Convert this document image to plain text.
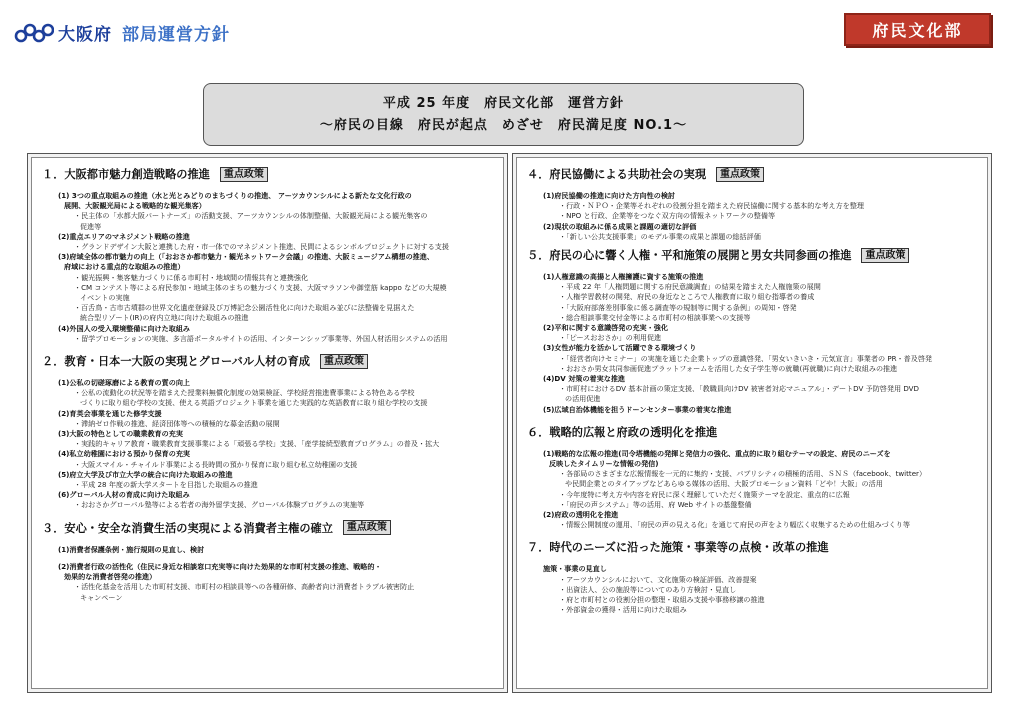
大阪府 部局運営方針	府民文化部
平成 25 年度　府民文化部　運営方針
～府民の目線　府民が起点　めざせ　府民満足度 NO.1～
１．大阪都市魅力創造戦略の推進	重点政策
(1) 3つの重点取組みの推進（水と光とみどりのまちづくりの推進、 アーツカウンシルによる新たな文化行政の
展開、大阪観光局による戦略的な観光集客）
・民主体の「水都大阪パートナーズ」の活動支援、アーツカウンシルの体制整備、大阪観光局による観光集客の
促進等
(2)重点エリアのマネジメント戦略の推進
・グランドデザイン大阪と連携した府・市一体でのマネジメント推進、民間によるシンボルプロジェクトに対する支援
(3)府域全体の都市魅力の向上（「おおさか都市魅力・観光ネットワーク会議」の推進、大阪ミュージアム構想の推進、
府域における重点的な取組みの推進）
・観光振興・集客魅力づくりに係る市町村・地域間の情報共有と連携強化
・CM コンテスト等による府民参加・地域主体のまちの魅力づくり支援、大阪マラソンや御堂筋 kappo などの大規模
イベントの実施
・百舌鳥・古市古墳群の世界文化遺産登録及び万博記念公園活性化に向けた取組み並びに法整備を見据えた
統合型リゾート(IR)の府内立地に向けた取組みの推進
(4)外国人の受入環境整備に向けた取組み
・留学プロモーションの実施、多言語ポータルサイトの活用、インターンシップ事業等、外国人材活用システムの活用
２．教育・日本一大阪の実現とグローバル人材の育成	重点政策
(1)公私の切磋琢磨による教育の質の向上
・公私の流動化の状況等を踏まえた授業料無償化制度の効果検証、学校経営推進費事業による特色ある学校
づくりに取り組む学校の支援、使える英語プロジェクト事業を通じた実践的な英語教育に取り組む学校の支援
(2)育英会事業を通じた修学支援
・滞納ゼロ作戦の推進、経済団体等への積極的な募金活動の展開
(3)大阪の特色としての職業教育の充実
・実践的キャリア教育・職業教育支援事業による「頑張る学校」支援、「産学接続型教育プログラム」の普及・拡大
(4)私立幼稚園における預かり保育の充実
・大阪スマイル・チャイルド事業による長時間の預かり保育に取り組む私立幼稚園の支援
(5)府立大学及び市立大学の統合に向けた取組みの推進
・平成 28 年度の新大学スタートを目指した取組みの推進
(6)グローバル人材の育成に向けた取組み
・おおさかグローバル塾等による若者の海外留学支援、グローバル体験プログラムの実施等
３．安心・安全な消費生活の実現による消費者主権の確立	重点政策
(1)消費者保護条例・施行規則の見直し、検討
(2)消費者行政の活性化（住民に身近な相談窓口充実等に向けた効果的な市町村支援の推進、戦略的・
効果的な消費者啓発の推進）
・活性化基金を活用した市町村支援、市町村の相談員等への各種研修、高齢者向け消費者トラブル被害防止
キャンペーン
４．府民協働による共助社会の実現	重点政策
(1)府民協働の推進に向けた方向性の検討
・行政・ＮＰＯ・企業等それぞれの役割分担を踏まえた府民協働に関する基本的な考え方を整理
・NPO と行政、企業等をつなぐ双方向の情報ネットワークの整備等
(2)現状の取組みに係る成果と課題の適切な評価
・「新しい公共支援事業」のモデル事業の成果と課題の総括評価
５．府民の心に響く人権・平和施策の展開と男女共同参画の推進	重点政策
(1)人権意識の高揚と人権擁護に資する施策の推進
・平成 22 年「人権問題に関する府民意識調査」の結果を踏まえた人権施策の展開
・人権学習教材の開発、府民の身近なところで人権教育に取り組む指導者の養成
・「大阪府部落差別事象に係る調査等の規制等に関する条例」の周知・啓発
・総合相談事業交付金等による市町村の相談事業への支援等
(2)平和に関する意識啓発の充実・強化
・「ピースおおさか」の利用促進
(3)女性が能力を活かして活躍できる環境づくり
・「経営者向けセミナー」の実施を通じた企業トップの意識啓発、「男女いきいき・元気宣言」事業者の PR・普及啓発
・おおさか男女共同参画促進プラットフォームを活用した女子学生等の就職(再就職)に向けた取組みの推進
(4)DV 対策の着実な推進
・市町村におけるDV 基本計画の策定支援、「教職員向けDV 被害者対応マニュアル」・デートDV 予防啓発用 DVD
の活用促進
(5)広域自治体機能を担うドーンセンター事業の着実な推進
６．戦略的広報と府政の透明化を推進
(1)戦略的な広報の推進(司令塔機能の発揮と発信力の強化、重点的に取り組むテーマの設定、府民のニーズを
反映したタイムリーな情報の発信)
・各部局のさまざまな広報情報を一元的に集約・支援、パブリシティの積極的活用、ＳＮＳ（facebook、twitter）
や民間企業とのタイアップなどあらゆる媒体の活用、大阪プロモーション資料「どや！大阪」の活用
・今年度特に考え方や内容を府民に深く理解していただく施策テーマを設定、重点的に広報
・「府民の声システム」等の活用、府 Web サイトの基盤整備
(2)府政の透明化を推進
・情報公開制度の運用、「府民の声の見える化」を通じて府民の声をより幅広く収集するための仕組みづくり等
７．時代のニーズに沿った施策・事業等の点検・改革の推進
施策・事業の見直し
・アーツカウンシルにおいて、文化施策の検証評価、改善提案
・出資法人、公の施設等についてのあり方検討・見直し
・府と市町村との役割分担の整理・取組み支援や事務移譲の推進
・外部資金の獲得・活用に向けた取組み
